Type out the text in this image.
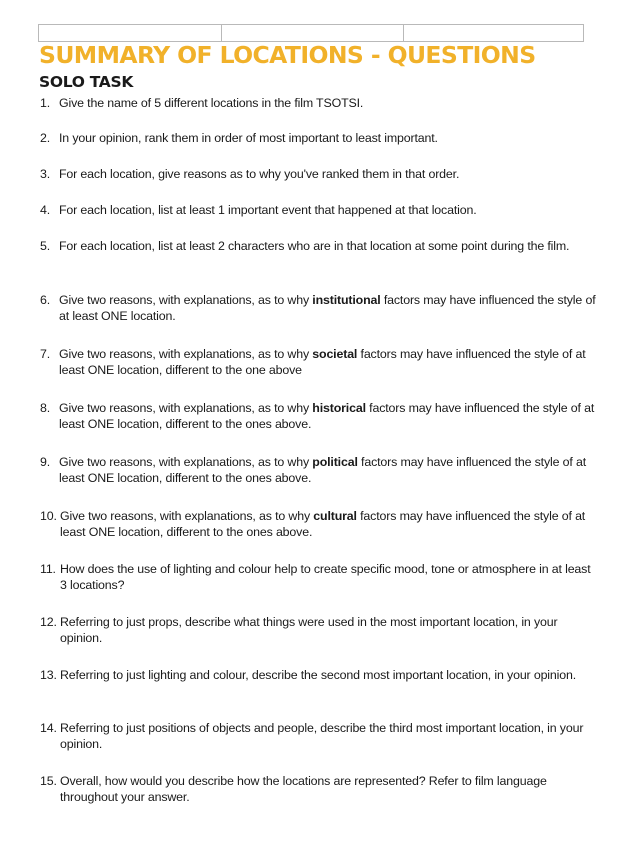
SUMMARY OF LOCATIONS - QUESTIONS
SOLO TASK
1. Give the name of 5 different locations in the film TSOTSI.
2. In your opinion, rank them in order of most important to least important.
3. For each location, give reasons as to why you've ranked them in that order.
4. For each location, list at least 1 important event that happened at that location.
5. For each location, list at least 2 characters who are in that location at some point during the film.
6. Give two reasons, with explanations, as to why institutional factors may have influenced the style of at least ONE location.
7. Give two reasons, with explanations, as to why societal factors may have influenced the style of at least ONE location, different to the one above
8. Give two reasons, with explanations, as to why historical factors may have influenced the style of at least ONE location, different to the ones above.
9. Give two reasons, with explanations, as to why political factors may have influenced the style of at least ONE location, different to the ones above.
10. Give two reasons, with explanations, as to why cultural factors may have influenced the style of at least ONE location, different to the ones above.
11. How does the use of lighting and colour help to create specific mood, tone or atmosphere in at least 3 locations?
12. Referring to just props, describe what things were used in the most important location, in your opinion.
13. Referring to just lighting and colour, describe the second most important location, in your opinion.
14. Referring to just positions of objects and people, describe the third most important location, in your opinion.
15. Overall, how would you describe how the locations are represented? Refer to film language throughout your answer.
